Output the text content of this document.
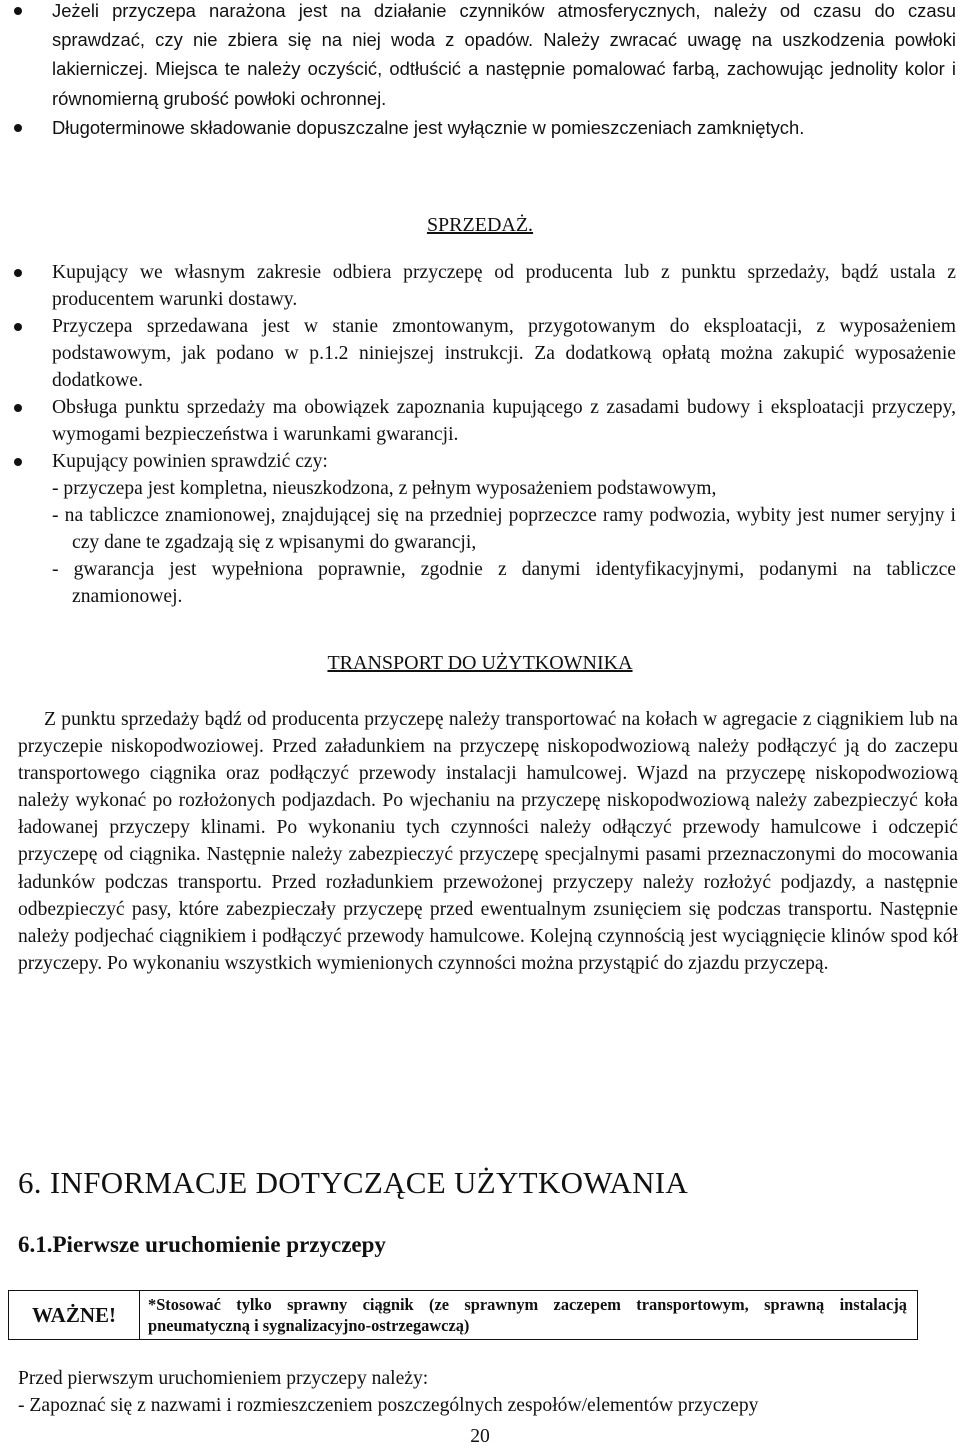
Jeżeli przyczepa narażona jest na działanie czynników atmosferycznych, należy od czasu do czasu sprawdzać, czy nie zbiera się na niej woda z opadów. Należy zwracać uwagę na uszkodzenia powłoki lakierniczej. Miejsca te należy oczyścić, odtłuścić a następnie pomalować farbą, zachowując jednolity kolor i równomierną grubość powłoki ochronnej.
Długoterminowe składowanie dopuszczalne jest wyłącznie w pomieszczeniach zamkniętych.
SPRZEDAŻ.
Kupujący we własnym zakresie odbiera przyczepę od producenta lub z punktu sprzedaży, bądź ustala z producentem warunki dostawy.
Przyczepa sprzedawana jest w stanie zmontowanym, przygotowanym do eksploatacji, z wyposażeniem podstawowym, jak podano w p.1.2 niniejszej instrukcji. Za dodatkową opłatą można zakupić wyposażenie dodatkowe.
Obsługa punktu sprzedaży ma obowiązek zapoznania kupującego z zasadami budowy i eksploatacji przyczepy, wymogami bezpieczeństwa i warunkami gwarancji.
Kupujący powinien sprawdzić czy:
- przyczepa jest kompletna, nieuszkodzona, z pełnym wyposażeniem podstawowym,
- na tabliczce znamionowej, znajdującej się na przedniej poprzeczce ramy podwozia, wybity jest numer seryjny i czy dane te zgadzają się z wpisanymi do gwarancji,
- gwarancja jest wypełniona poprawnie, zgodnie z danymi identyfikacyjnymi, podanymi na tabliczce znamionowej.
TRANSPORT DO UŻYTKOWNIKA

Z punktu sprzedaży bądź od producenta przyczepę należy transportować na kołach w agregacie z ciągnikiem lub na przyczepie niskopodwoziowej. Przed załadunkiem na przyczepę niskopodwoziową należy podłączyć ją do zaczepu transportowego ciągnika oraz podłączyć przewody instalacji hamulcowej. Wjazd na przyczepę niskopodwoziową należy wykonać po rozłożonych podjazdach. Po wjechaniu na przyczepę niskopodwoziową należy zabezpieczyć koła ładowanej przyczepy klinami. Po wykonaniu tych czynności należy odłączyć przewody hamulcowe i odczepić przyczepę od ciągnika. Następnie należy zabezpieczyć przyczepę specjalnymi pasami przeznaczonymi do mocowania ładunków podczas transportu. Przed rozładunkiem przewożonej przyczepy należy rozłożyć podjazdy, a następnie odbezpieczyć pasy, które zabezpieczały przyczepę przed ewentualnym zsunięciem się podczas transportu. Następnie należy podjechać ciągnikiem i podłączyć przewody hamulcowe. Kolejną czynnością jest wyciągnięcie klinów spod kół przyczepy. Po wykonaniu wszystkich wymienionych czynności można przystąpić do zjazdu przyczepą.

6. INFORMACJE DOTYCZĄCE UŻYTKOWANIA
6.1.Pierwsze uruchomienie przyczepy
WAŻNE!	*Stosować tylko sprawny ciągnik (ze sprawnym zaczepem transportowym, sprawną instalacją pneumatyczną i sygnalizacyjno-ostrzegawczą)

Przed pierwszym uruchomieniem przyczepy należy:

- Zapoznać się z nazwami i rozmieszczeniem poszczególnych zespołów/elementów przyczepy

20
